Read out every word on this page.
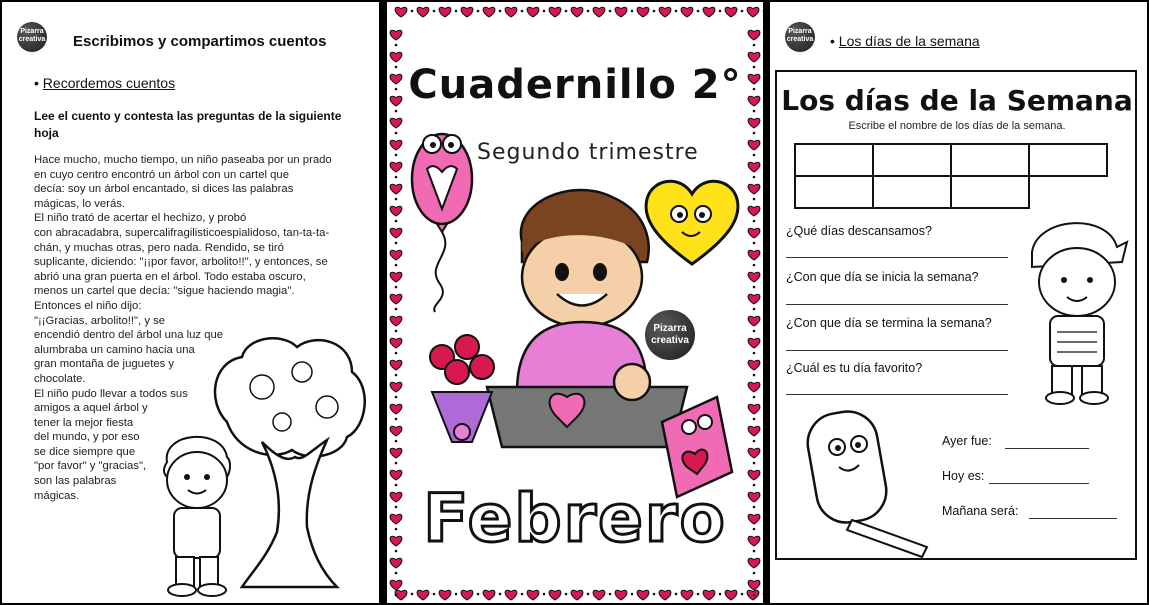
Pizarra
creativa Escribimos y compartimos cuentos
• Recordemos cuentos
Lee el cuento y contesta las preguntas de la siguiente hoja
Hace mucho, mucho tiempo, un niño paseaba por un prado
en cuyo centro encontró un árbol con un cartel que
decía: soy un árbol encantado, si dices las palabras
mágicas, lo verás.
El niño trató de acertar el hechizo, y probó
con abracadabra, supercalifragilisticoespialidoso, tan-ta-ta-
chán, y muchas otras, pero nada. Rendido, se tiró
suplicante, diciendo: "¡¡por favor, arbolito!!", y entonces, se
abrió una gran puerta en el árbol. Todo estaba oscuro,
menos un cartel que decía: "sigue haciendo magia".
Entonces el niño dijo:
"¡¡Gracias, arbolito!!", y se
encendió dentro del árbol una luz que
alumbraba un camino hacia una
gran montaña de juguetes y
chocolate.
El niño pudo llevar a todos sus
amigos a aquel árbol y
tener la mejor fiesta
del mundo, y por eso
se dice siempre que
"por favor" y "gracias",
son las palabras
mágicas.
Cuadernillo 2°
Segundo trimestre
Pizarra
creativa
Febrero
Pizarra
creativa • Los días de la semana
Los días de la Semana
Escribe el nombre de los días de la semana.

¿Qué días descansamos?
¿Con que día se inicia la semana?
¿Con que día se termina la semana?
¿Cuál es tu día favorito?
Ayer fue:
Hoy es:
Mañana será:
